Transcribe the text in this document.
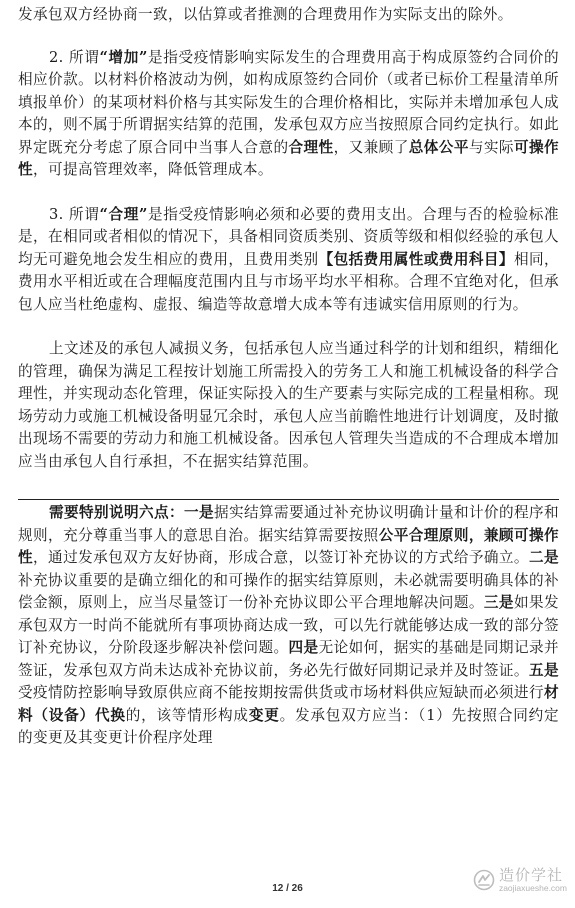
发承包双方经协商一致，以估算或者推测的合理费用作为实际支出的除外。

2. 所谓“增加”是指受疫情影响实际发生的合理费用高于构成原签约合同价的相应价款。以材料价格波动为例，如构成原签约合同价（或者已标价工程量清单所填报单价）的某项材料价格与其实际发生的合理价格相比，实际并未增加承包人成本的，则不属于所谓据实结算的范围，发承包双方应当按照原合同约定执行。如此界定既充分考虑了原合同中当事人合意的合理性，又兼顾了总体公平与实际可操作性，可提高管理效率，降低管理成本。

3. 所谓“合理”是指受疫情影响必须和必要的费用支出。合理与否的检验标准是，在相同或者相似的情况下，具备相同资质类别、资质等级和相似经验的承包人均无可避免地会发生相应的费用，且费用类别【包括费用属性或费用科目】相同，费用水平相近或在合理幅度范围内且与市场平均水平相称。合理不宜绝对化，但承包人应当杜绝虚构、虚报、编造等故意增大成本等有违诚实信用原则的行为。

上文述及的承包人减损义务，包括承包人应当通过科学的计划和组织，精细化的管理，确保为满足工程按计划施工所需投入的劳务工人和施工机械设备的科学合理性，并实现动态化管理，保证实际投入的生产要素与实际完成的工程量相称。现场劳动力或施工机械设备明显冗余时，承包人应当前瞻性地进行计划调度，及时撤出现场不需要的劳动力和施工机械设备。因承包人管理失当造成的不合理成本增加应当由承包人自行承担，不在据实结算范围。

需要特别说明六点：一是据实结算需要通过补充协议明确计量和计价的程序和规则，充分尊重当事人的意思自治。据实结算需要按照公平合理原则，兼顾可操作性，通过发承包双方友好协商，形成合意，以签订补充协议的方式给予确立。二是补充协议重要的是确立细化的和可操作的据实结算原则，未必就需要明确具体的补偿金额，原则上，应当尽量签订一份补充协议即公平合理地解决问题。三是如果发承包双方一时尚不能就所有事项协商达成一致，可以先行就能够达成一致的部分签订补充协议，分阶段逐步解决补偿问题。四是无论如何，据实的基础是同期记录并签证，发承包双方尚未达成补充协议前，务必先行做好同期记录并及时签证。五是受疫情防控影响导致原供应商不能按期按需供货或市场材料供应短缺而必须进行材料（设备）代换的，该等情形构成变更。发承包双方应当：（1）先按照合同约定的变更及其变更计价程序处理

12 / 26
造价学社
zaojiaxueshe.com
